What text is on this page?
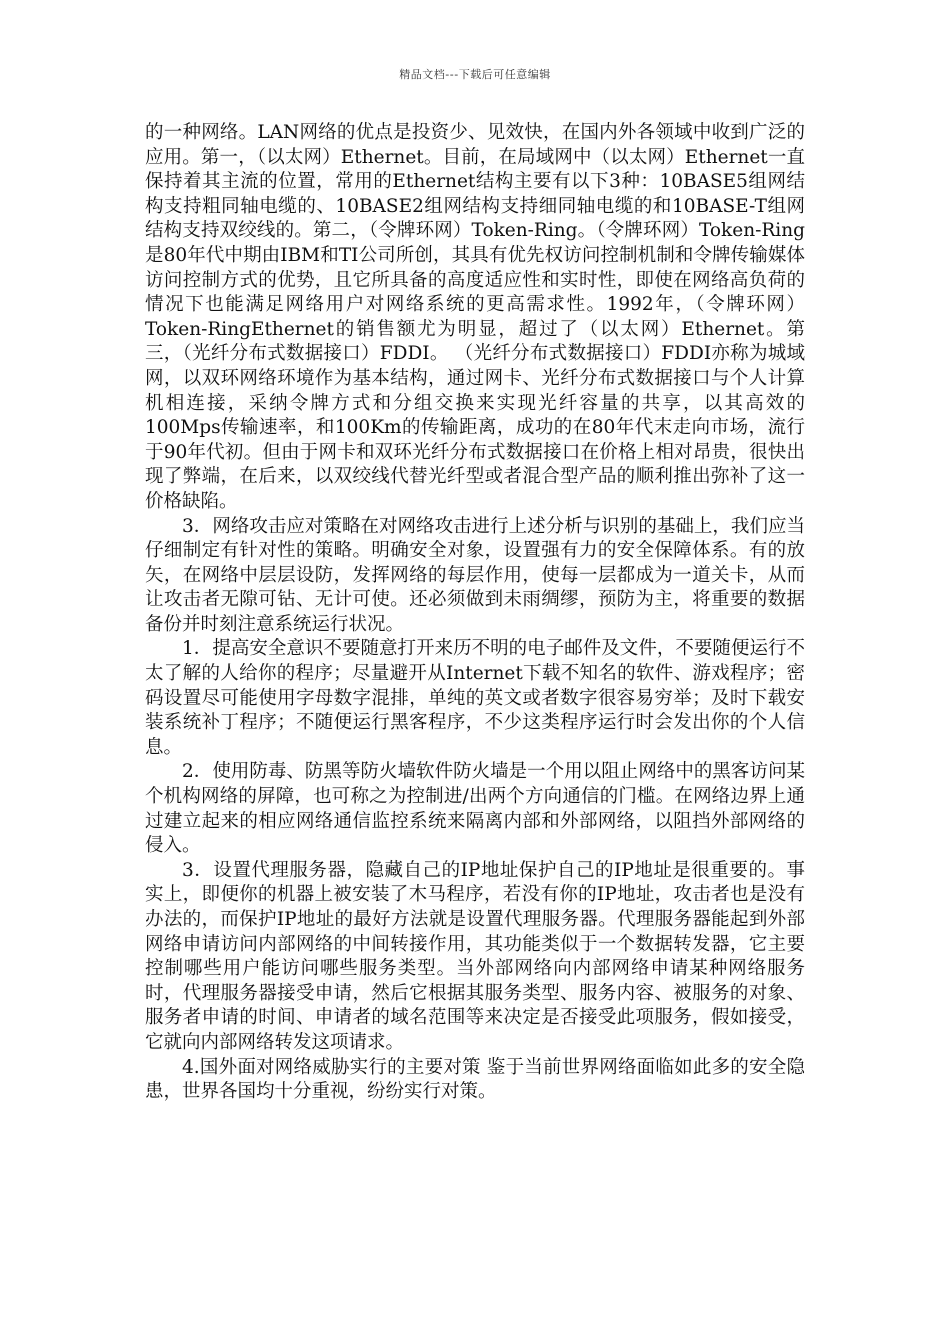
精品文档---下载后可任意编辑

的一种网络。LAN网络的优点是投资少、见效快，在国内外各领域中收到广泛的应用。第一，（以太网）Ethernet。目前，在局域网中（以太网）Ethernet一直保持着其主流的位置，常用的Ethernet结构主要有以下3种：10BASE5组网结构支持粗同轴电缆的、10BASE2组网结构支持细同轴电缆的和10BASE-T组网结构支持双绞线的。第二，（令牌环网）Token-Ring。（令牌环网）Token-Ring是80年代中期由IBM和TI公司所创，其具有优先权访问控制机制和令牌传输媒体访问控制方式的优势，且它所具备的高度适应性和实时性，即使在网络高负荷的情况下也能满足网络用户对网络系统的更高需求性。1992年，（令牌环网）Token-RingEthernet的销售额尤为明显，超过了（以太网）Ethernet。第三，（光纤分布式数据接口）FDDI。 （光纤分布式数据接口）FDDI亦称为城域网，以双环网络环境作为基本结构，通过网卡、光纤分布式数据接口与个人计算机相连接，采纳令牌方式和分组交换来实现光纤容量的共享，以其高效的100Mps传输速率，和100Km的传输距离，成功的在80年代末走向市场，流行于90年代初。但由于网卡和双环光纤分布式数据接口在价格上相对昂贵，很快出现了弊端，在后来，以双绞线代替光纤型或者混合型产品的顺利推出弥补了这一价格缺陷。

3．网络攻击应对策略在对网络攻击进行上述分析与识别的基础上，我们应当仔细制定有针对性的策略。明确安全对象，设置强有力的安全保障体系。有的放矢，在网络中层层设防，发挥网络的每层作用，使每一层都成为一道关卡，从而让攻击者无隙可钻、无计可使。还必须做到未雨绸缪，预防为主，将重要的数据备份并时刻注意系统运行状况。

1．提高安全意识不要随意打开来历不明的电子邮件及文件，不要随便运行不太了解的人给你的程序；尽量避开从Internet下载不知名的软件、游戏程序；密码设置尽可能使用字母数字混排，单纯的英文或者数字很容易穷举；及时下载安装系统补丁程序；不随便运行黑客程序，不少这类程序运行时会发出你的个人信息。

2．使用防毒、防黑等防火墙软件防火墙是一个用以阻止网络中的黑客访问某个机构网络的屏障，也可称之为控制进/出两个方向通信的门槛。在网络边界上通过建立起来的相应网络通信监控系统来隔离内部和外部网络，以阻挡外部网络的侵入。

3．设置代理服务器，隐藏自己的IP地址保护自己的IP地址是很重要的。事实上，即便你的机器上被安装了木马程序，若没有你的IP地址，攻击者也是没有办法的，而保护IP地址的最好方法就是设置代理服务器。代理服务器能起到外部网络申请访问内部网络的中间转接作用，其功能类似于一个数据转发器，它主要控制哪些用户能访问哪些服务类型。当外部网络向内部网络申请某种网络服务时，代理服务器接受申请，然后它根据其服务类型、服务内容、被服务的对象、服务者申请的时间、申请者的域名范围等来决定是否接受此项服务，假如接受，它就向内部网络转发这项请求。

4.国外面对网络威胁实行的主要对策 鉴于当前世界网络面临如此多的安全隐患，世界各国均十分重视，纷纷实行对策。
